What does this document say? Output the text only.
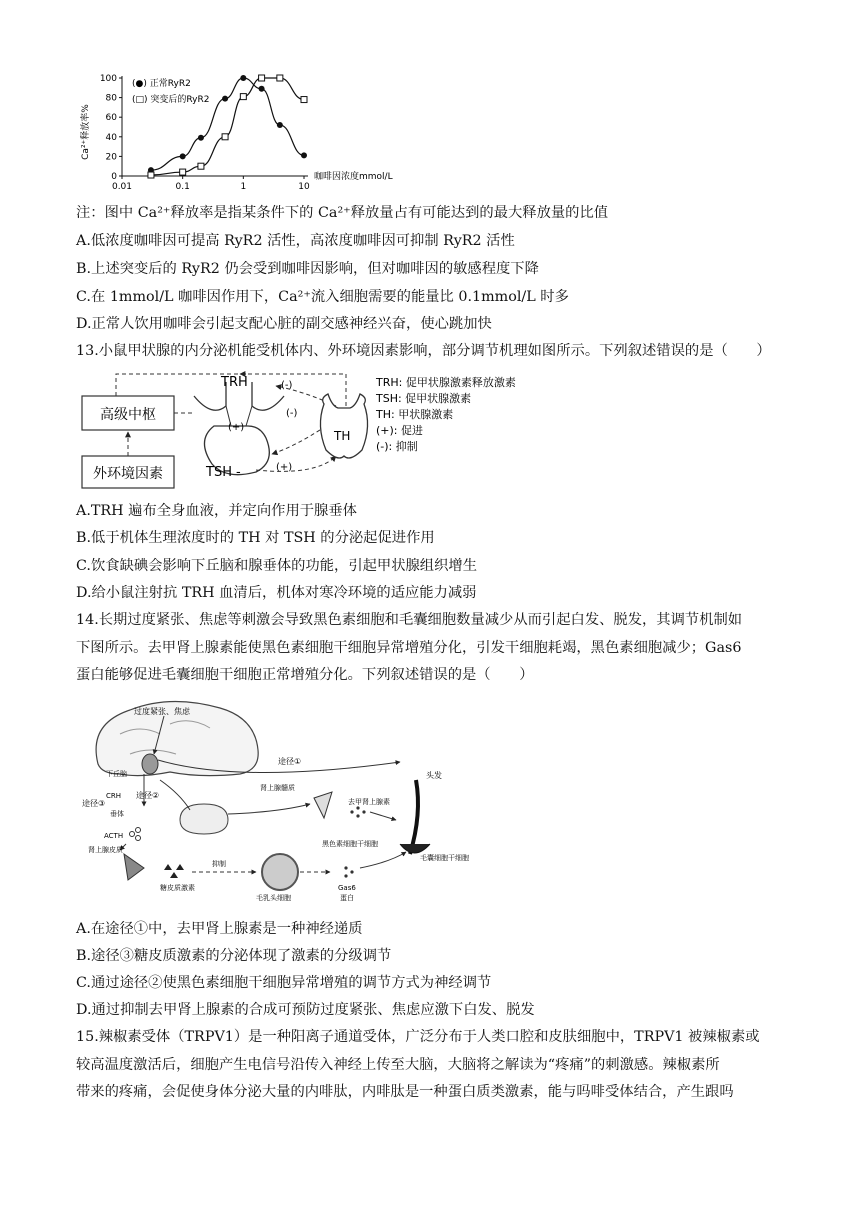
Ca²⁺释放率%
0.01	0.1	1	10
0
20
40
60
80
100 (●) 正常RyR2
(□) 突变后的RyR2
咖啡因浓度mmol/L
注：图中 Ca²⁺释放率是指某条件下的 Ca²⁺释放量占有可能达到的最大释放量的比值
A.低浓度咖啡因可提高 RyR2 活性，高浓度咖啡因可抑制 RyR2 活性
B.上述突变后的 RyR2 仍会受到咖啡因影响，但对咖啡因的敏感程度下降
C.在 1mmol/L 咖啡因作用下，Ca²⁺流入细胞需要的能量比 0.1mmol/L 时多
D.正常人饮用咖啡会引起支配心脏的副交感神经兴奋，使心跳加快
13.小鼠甲状腺的内分泌机能受机体内、外环境因素影响，部分调节机理如图所示。下列叙述错误的是（　　）
高级中枢
外环境因素
TRH
(+)
TSH -	(+)
(-)
(-)
TH
TRH: 促甲状腺激素释放激素
TSH: 促甲状腺激素
TH: 甲状腺激素
(+): 促进
(-): 抑制
A.TRH 遍布全身血液，并定向作用于腺垂体
B.低于机体生理浓度时的 TH 对 TSH 的分泌起促进作用
C.饮食缺碘会影响下丘脑和腺垂体的功能，引起甲状腺组织增生
D.给小鼠注射抗 TRH 血清后，机体对寒冷环境的适应能力减弱
14.长期过度紧张、焦虑等刺激会导致黑色素细胞和毛囊细胞数量减少从而引起白发、脱发，其调节机制如
下图所示。去甲肾上腺素能使黑色素细胞干细胞异常增殖分化，引发干细胞耗竭，黑色素细胞减少；Gas6
蛋白能够促进毛囊细胞干细胞正常增殖分化。下列叙述错误的是（　　）
过度紧张、焦虑
下丘脑
途径①
CRH 途径②
途径③
垂体
ACTH
肾上腺皮质
肾上腺髓质
去甲肾上腺素
头发
黑色素细胞干细胞
毛囊细胞干细胞
糖皮质激素
抑制
毛乳头细胞
Gas6
蛋白
A.在途径①中，去甲肾上腺素是一种神经递质
B.途径③糖皮质激素的分泌体现了激素的分级调节
C.通过途径②使黑色素细胞干细胞异常增殖的调节方式为神经调节
D.通过抑制去甲肾上腺素的合成可预防过度紧张、焦虑应激下白发、脱发
15.辣椒素受体（TRPV1）是一种阳离子通道受体，广泛分布于人类口腔和皮肤细胞中，TRPV1 被辣椒素或
较高温度激活后，细胞产生电信号沿传入神经上传至大脑，大脑将之解读为“疼痛”的刺激感。辣椒素所
带来的疼痛，会促使身体分泌大量的内啡肽，内啡肽是一种蛋白质类激素，能与吗啡受体结合，产生跟吗
